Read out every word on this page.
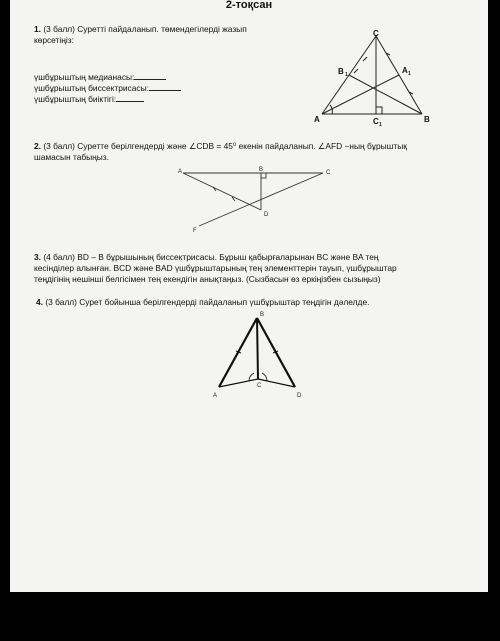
2-тоқсан
1. (3 балл) Суретті пайдаланып. төмендегілерді жазып
көрсетіңіз:
үшбұрыштың медианасы:
үшбұрыштың биссектрисасы:
үшбұрыштың биіктігі:
C
B 1	A 1
A	C 1
B
2. (3 балл) Суретте берілгендерді және ∠CDB = 45⁰ екенін пайдаланып. ∠AFD −ның бұрыштық
шамасын табыңыз.
A	B	C
D
F
3. (4 балл) BD – B бұрышының биссектрисасы. Бұрыш қабырғаларынан BC және BA тең
кесінділер алынған. BCD және BAD үшбұрыштарының тең элементтерін тауып, үшбұрыштар
теңдігінің нешінші белгісімен тең екендігін анықтаңыз. (Сызбасын өз еркіңізбен сызыңыз)
4. (3 балл) Сурет бойынша берілгендерді пайдаланып үшбұрыштар теңдігін дәлелде.
B
A
C
D
